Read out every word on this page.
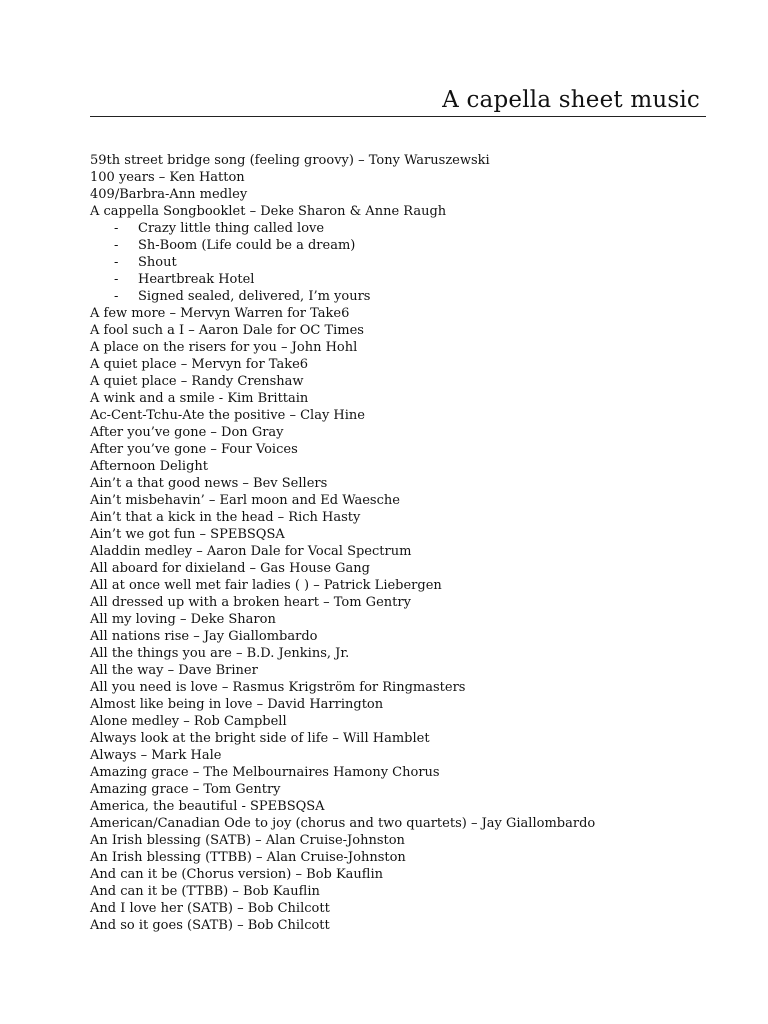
A capella sheet music
59th street bridge song (feeling groovy) – Tony Waruszewski
100 years – Ken Hatton
409/Barbra-Ann medley
A cappella Songbooklet – Deke Sharon & Anne Raugh
- Crazy little thing called love
- Sh-Boom (Life could be a dream)
- Shout
- Heartbreak Hotel
- Signed sealed, delivered, I’m yours
A few more – Mervyn Warren for Take6
A fool such a I – Aaron Dale for OC Times
A place on the risers for you – John Hohl
A quiet place – Mervyn for Take6
A quiet place – Randy Crenshaw
A wink and a smile - Kim Brittain
Ac-Cent-Tchu-Ate the positive – Clay Hine
After you’ve gone – Don Gray
After you’ve gone – Four Voices
Afternoon Delight
Ain’t a that good news – Bev Sellers
Ain’t misbehavin’ – Earl moon and Ed Waesche
Ain’t that a kick in the head – Rich Hasty
Ain’t we got fun – SPEBSQSA
Aladdin medley – Aaron Dale for Vocal Spectrum
All aboard for dixieland – Gas House Gang
All at once well met fair ladies ( ) – Patrick Liebergen
All dressed up with a broken heart – Tom Gentry
All my loving – Deke Sharon
All nations rise – Jay Giallombardo
All the things you are – B.D. Jenkins, Jr.
All the way – Dave Briner
All you need is love – Rasmus Krigström for Ringmasters
Almost like being in love – David Harrington
Alone medley – Rob Campbell
Always look at the bright side of life – Will Hamblet
Always – Mark Hale
Amazing grace – The Melbournaires Hamony Chorus
Amazing grace – Tom Gentry
America, the beautiful - SPEBSQSA
American/Canadian Ode to joy (chorus and two quartets) – Jay Giallombardo
An Irish blessing (SATB) – Alan Cruise-Johnston
An Irish blessing (TTBB) – Alan Cruise-Johnston
And can it be (Chorus version) – Bob Kauflin
And can it be (TTBB) – Bob Kauflin
And I love her (SATB) – Bob Chilcott
And so it goes (SATB) – Bob Chilcott
